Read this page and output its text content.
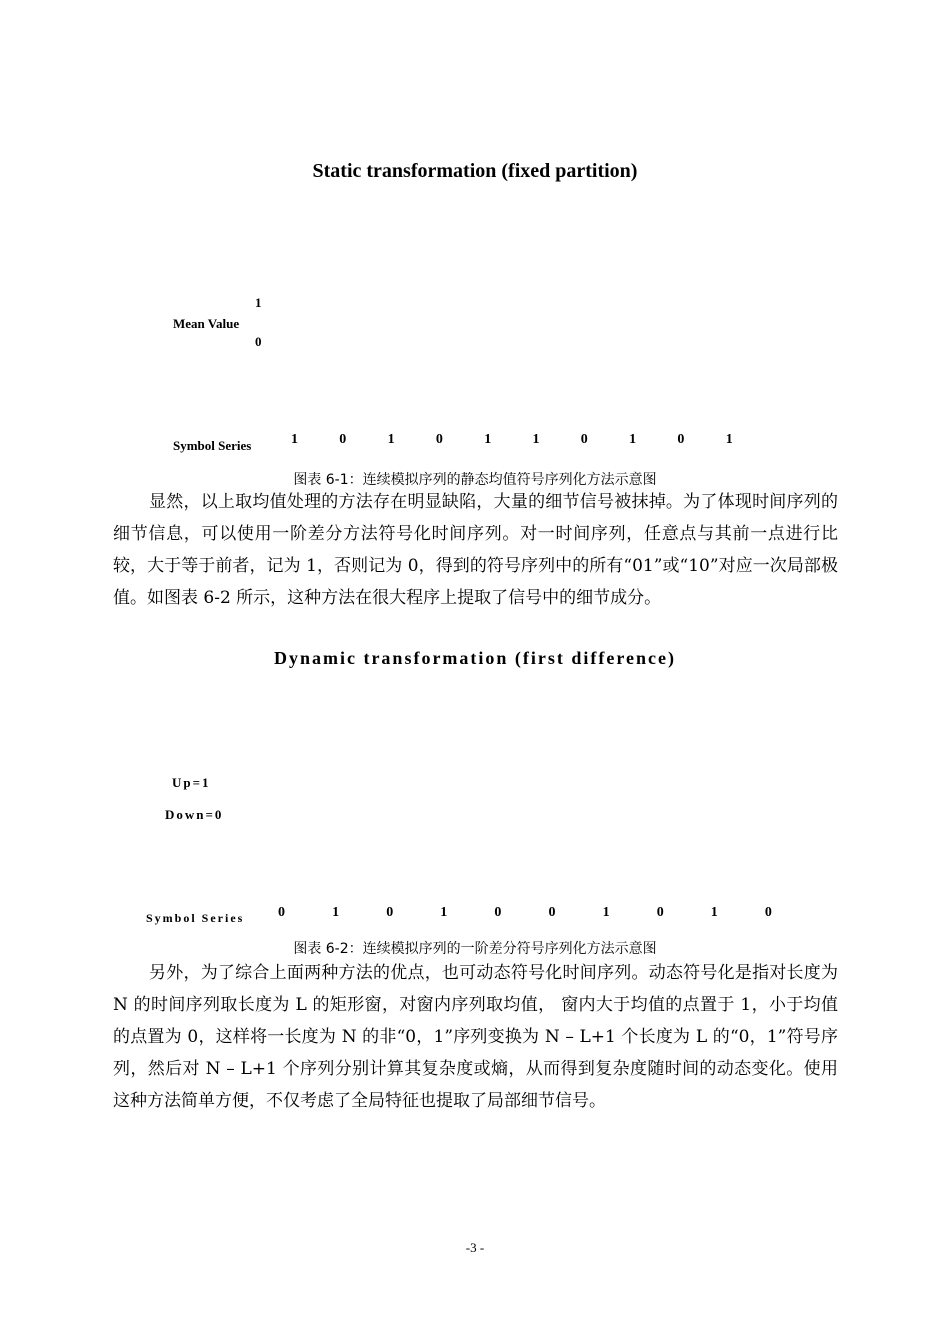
Static transformation (fixed partition)
1
Mean Value
0
Symbol Series	1	0	1	0	1	1	0	1	0	1
图表 6-1：连续模拟序列的静态均值符号序列化方法示意图
显然，以上取均值处理的方法存在明显缺陷，大量的细节信号被抹掉。为了体现时间序列的细节信息，可以使用一阶差分方法符号化时间序列。对一时间序列，任意点与其前一点进行比较，大于等于前者，记为 1，否则记为 0，得到的符号序列中的所有“01”或“10”对应一次局部极值。如图表 6-2 所示，这种方法在很大程序上提取了信号中的细节成分。
Dynamic transformation (first difference)
Up=1
Down=0
Symbol Series 0	1	0	1	0	0	1	0	1	0
图表 6-2：连续模拟序列的一阶差分符号序列化方法示意图
另外，为了综合上面两种方法的优点，也可动态符号化时间序列。动态符号化是指对长度为 N 的时间序列取长度为 L 的矩形窗，对窗内序列取均值， 窗内大于均值的点置于 1，小于均值的点置为 0，这样将一长度为 N 的非“0，1”序列变换为 N – L+1 个长度为 L 的“0，1”符号序列，然后对 N – L+1 个序列分别计算其复杂度或熵，从而得到复杂度随时间的动态变化。使用这种方法简单方便，不仅考虑了全局特征也提取了局部细节信号。
-3 -
